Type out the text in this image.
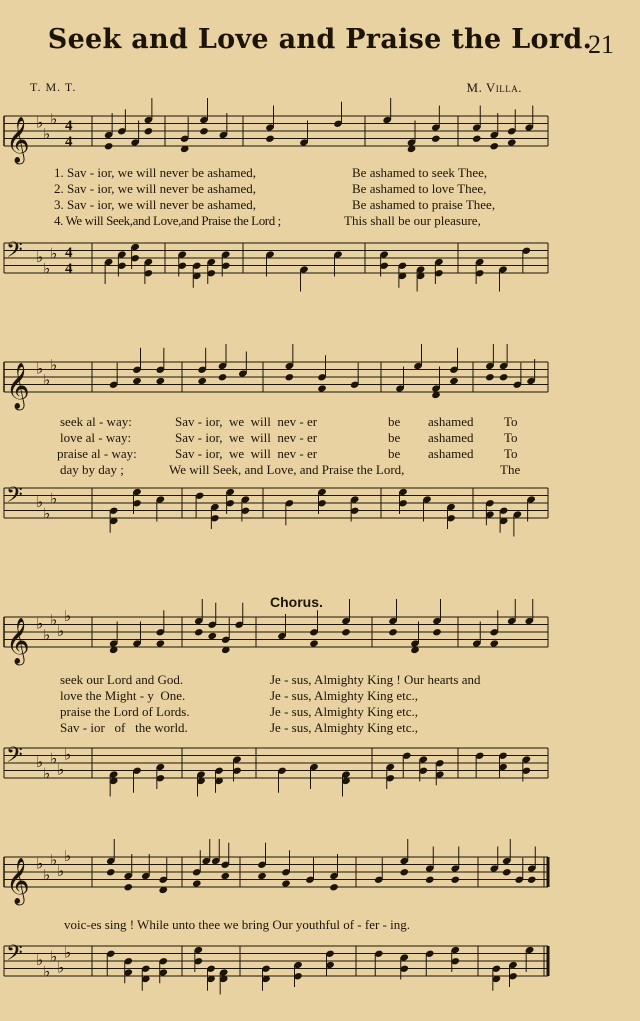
Seek and Love and Praise the Lord.
21
T. M. T.	M. Villa.
Chorus.
𝄞 ♭
♭
♭ 4
4
𝄢 ♭
♭
♭ 4
4
𝄞 ♭
♭
♭
𝄢 ♭
♭
♭
𝄞 ♭
♭
♭
♭
♭
𝄢 ♭
♭
♭
♭
♭
𝄞 ♭
♭
♭
♭
♭
𝄢 ♭
♭
♭
♭
♭
1. Sav - ior, we will never be ashamed,	Be ashamed to seek Thee,
2. Sav - ior, we will never be ashamed,	Be ashamed to love Thee,
3. Sav - ior, we will never be ashamed,	Be ashamed to praise Thee,
4. We will Seek,and Love,and Praise the Lord ;	This shall be our pleasure,
seek al - way:	Sav - ior,  we  will  nev - er	be ashamed To
love al - way:	Sav - ior,  we  will  nev - er	be ashamed To
praise al - way:	Sav - ior,  we  will  nev - er	be ashamed To
day by day ;	We will Seek, and Love, and Praise the Lord,	The
seek our Lord and God.	Je - sus, Almighty King ! Our hearts and
love the Might - y  One.	Je - sus, Almighty King etc.,
praise the Lord of Lords.	Je - sus, Almighty King etc.,
Sav - ior   of   the world.	Je - sus, Almighty King etc.,
voic-es sing ! While unto thee we bring Our youthful of - fer - ing.
